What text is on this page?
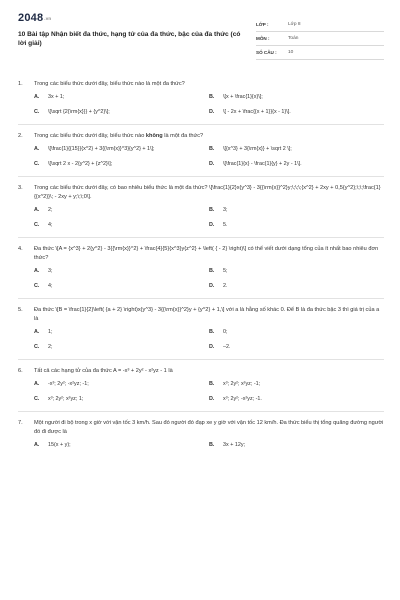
2048.vn
10 Bài tập Nhận biết đa thức, hạng tử của đa thức, bậc của đa thức (có lời giải)
LỚP :	Lớp 8
MÔN :	Toán
SỐ CÂU :	10
1.	Trong các biểu thức dưới đây, biểu thức nào là một đa thức?
A.	3x + 1;	B.	\[x + \frac{1}{x}\];
C.	\[\sqrt {2{\rm{x}}} + {y^2}\];	D.	\[ - 2x + \frac{{x + 1}}{x - 1}\].
2.	Trong các biểu thức dưới đây, biểu thức nào không là một đa thức?
A.	\[\frac{1}{{15}}{x^2} + 3{{\rm{x}}^3}{y^2} + 1\];	B.	\[{x^3} + 3{\rm{x}} + \sqrt 2 \];
C.	\[\sqrt 2 x - 2{y^2} + {z^2}\];	D.	\[\frac{1}{x} - \frac{1}{y} + 2y - 1\].
3.	Trong các biểu thức dưới đây, có bao nhiêu biểu thức là một đa thức? \[\frac{1}{2}x{y^3} - 3{{\rm{x}}^2}y;\;\;\;{x^2} + 2xy + 0,5{y^2};\;\;\frac{1}{{x^2}}\; - 2xy + y;\;\;0\].
A.	2;	B.	3;
C.	4;	D.	5.
4.	Đa thức \[A = {x^3} + 2{y^2} - 3{{\rm{x}}^2} + \frac{4}{5}{x^3}y{z^2} + \left( { - 2} \right)\] có thể viết dưới dạng tổng của ít nhất bao nhiêu đơn thức?
A.	3;	B.	5;
C.	4;	D.	2.
5.	Đa thức \[B = \frac{1}{2}\left( {a + 2} \right)x{y^3} - 3{{\rm{x}}^2}y + {y^2} + 1,\] với a là hằng số khác 0. Để B là đa thức bậc 3 thì giá trị của a là
A.	1;	B.	0;
C.	2;	D.	–2.
6.	Tất cả các hạng tử của đa thức A = -x³ + 2y² - x²yz - 1 là
A.	-x³; 2y²; -x²yz; -1;	B.	x³; 2y²; x²yz; -1;
C.	x³; 2y²; x²yz; 1;	D.	x³; 2y²; -x²yz; -1.
7.	Một người đi bộ trong x giờ với vận tốc 3 km/h. Sau đó người đó đạp xe y giờ với vận tốc 12 km/h. Đa thức biểu thị tổng quãng đường người đó đi được là
A.	15(x + y);	B.	3x + 12y;
